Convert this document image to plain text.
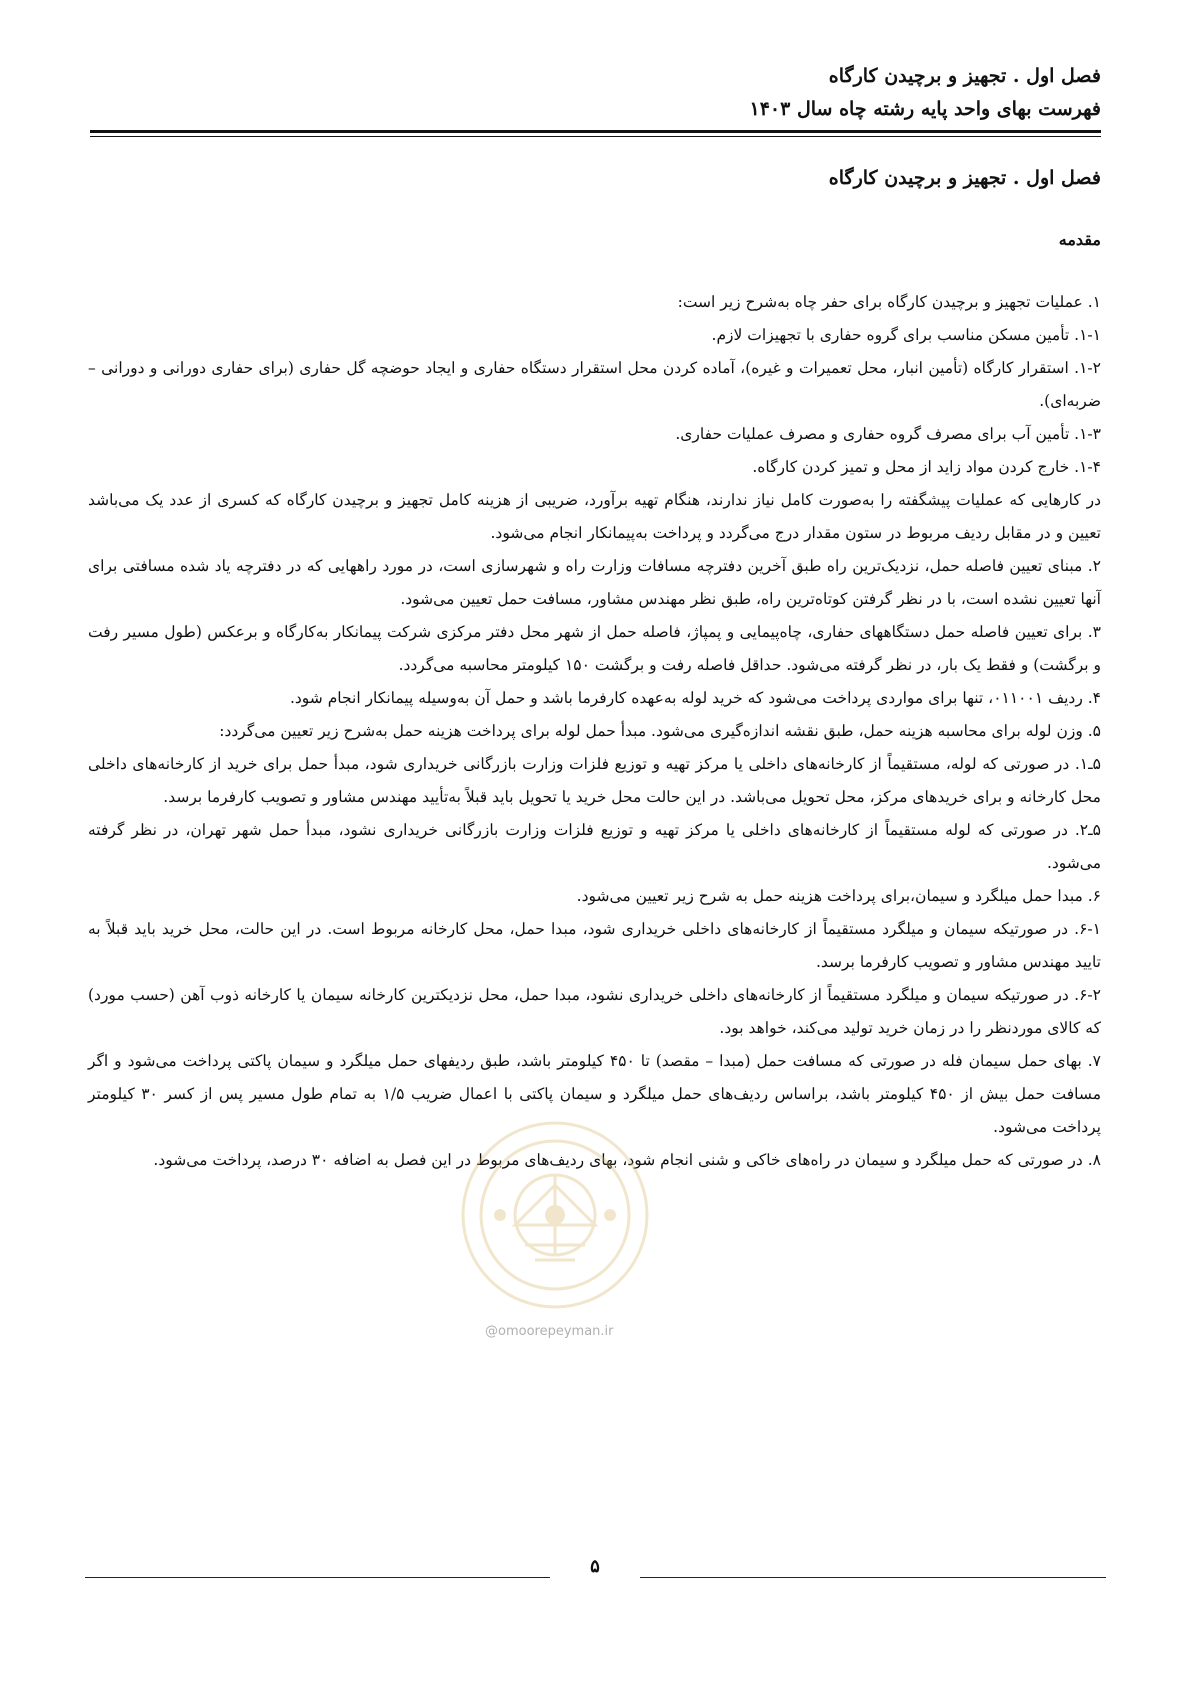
فصل اول . تجهیز و برچیدن کارگاه
فهرست بهای واحد پایه رشته چاه سال ۱۴۰۳
فصل اول . تجهیز و برچیدن کارگاه
مقدمه

۱. عملیات تجهیز و برچیدن کارگاه برای حفر چاه به‌شرح زیر است:

۱-۱. تأمین مسکن مناسب برای گروه حفاری با تجهیزات لازم.

۱-۲. استقرار کارگاه (تأمین انبار، محل تعمیرات و غیره)، آماده کردن محل استقرار دستگاه حفاری و ایجاد حوضچه گل حفاری (برای حفاری دورانی و دورانی – ضربه‌ای).

۱-۳. تأمین آب برای مصرف گروه حفاری و مصرف عملیات حفاری.

۱-۴. خارج کردن مواد زاید از محل و تمیز کردن کارگاه.

در کارهایی که عملیات پیشگفته را به‌صورت کامل نیاز ندارند، هنگام تهیه برآورد، ضریبی از هزینه کامل تجهیز و برچیدن کارگاه که کسری از عدد یک می‌باشد تعیین و در مقابل ردیف مربوط در ستون مقدار درج می‌گردد و پرداخت به‌پیمانکار انجام می‌شود.

۲. مبنای تعیین فاصله حمل، نزدیک‌ترین راه طبق آخرین دفترچه مسافات وزارت راه و شهرسازی است، در مورد راههایی که در دفترچه یاد شده مسافتی برای آنها تعیین نشده است، با در نظر گرفتن کوتاه‌ترین راه، طبق نظر مهندس مشاور، مسافت حمل تعیین می‌شود.

۳. برای تعیین فاصله حمل دستگاههای حفاری، چاه‌پیمایی و پمپاژ، فاصله حمل از شهر محل دفتر مرکزی شرکت پیمانکار به‌کارگاه و برعکس (طول مسیر رفت و برگشت) و فقط یک بار، در نظر گرفته می‌شود. حداقل فاصله رفت و برگشت ۱۵۰ کیلومتر محاسبه می‌گردد.

۴. ردیف ۰۱۱۰۰۱، تنها برای مواردی پرداخت می‌شود که خرید لوله به‌عهده کارفرما باشد و حمل آن به‌وسیله پیمانکار انجام شود.

۵. وزن لوله برای محاسبه هزینه حمل، طبق نقشه اندازه‌گیری می‌شود. مبدأ حمل لوله برای پرداخت هزینه حمل به‌شرح زیر تعیین می‌گردد:

۵ـ۱. در صورتی که لوله، مستقیماً از کارخانه‌های داخلی یا مرکز تهیه و توزیع فلزات وزارت بازرگانی خریداری شود، مبدأ حمل برای خرید از کارخانه‌های داخلی محل کارخانه و برای خریدهای مرکز، محل تحویل می‌باشد. در این حالت محل خرید یا تحویل باید قبلاً به‌تأیید مهندس مشاور و تصویب کارفرما برسد.

۵ـ۲. در صورتی که لوله مستقیماً از کارخانه‌های داخلی یا مرکز تهیه و توزیع فلزات وزارت بازرگانی خریداری نشود، مبدأ حمل شهر تهران، در نظر گرفته می‌شود.

۶. مبدا حمل میلگرد و سیمان،برای پرداخت هزینه حمل به شرح زیر تعیین می‌شود.

۶-۱. در صورتیکه سیمان و میلگرد مستقیماً از کارخانه‌های داخلی خریداری شود، مبدا حمل، محل کارخانه مربوط است. در این حالت، محل خرید باید قبلاً به تایید مهندس مشاور و تصویب کارفرما برسد.

۶-۲. در صورتیکه سیمان و میلگرد مستقیماً از کارخانه‌های داخلی خریداری نشود، مبدا حمل، محل نزدیکترین کارخانه سیمان یا کارخانه ذوب آهن (حسب مورد) که کالای موردنظر را در زمان خرید تولید می‌کند، خواهد بود.

۷. بهای حمل سیمان فله در صورتی که مسافت حمل (مبدا – مقصد) تا ۴۵۰ کیلومتر باشد، طبق ردیفهای حمل میلگرد و سیمان پاکتی پرداخت می‌شود و اگر مسافت حمل بیش از ۴۵۰ کیلومتر باشد، براساس ردیف‌های حمل میلگرد و سیمان پاکتی با اعمال ضریب ۱/۵ به تمام طول مسیر پس از کسر ۳۰ کیلومتر پرداخت می‌شود.

۸. در صورتی که حمل میلگرد و سیمان در راه‌های خاکی و شنی انجام شود، بهای ردیف‌های مربوط در این فصل به اضافه ۳۰ درصد، پرداخت می‌شود.

@omoorepeyman.ir
۵
